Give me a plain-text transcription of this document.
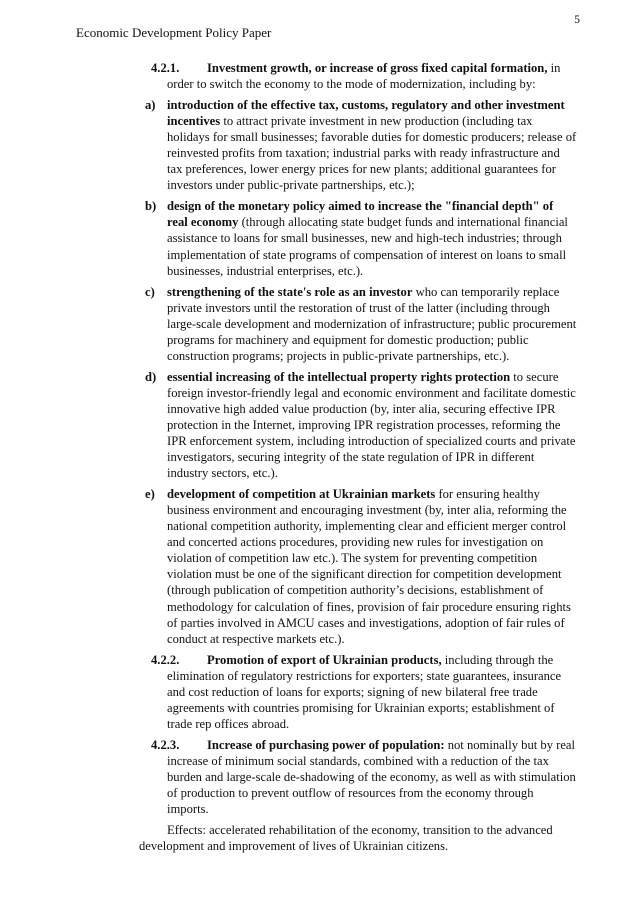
5
Economic Development Policy Paper
4.2.1. Investment growth, or increase of gross fixed capital formation, in order to switch the economy to the mode of modernization, including by:
a) introduction of the effective tax, customs, regulatory and other investment incentives to attract private investment in new production (including tax holidays for small businesses; favorable duties for domestic producers; release of reinvested profits from taxation; industrial parks with ready infrastructure and tax preferences, lower energy prices for new plants; additional guarantees for investors under public-private partnerships, etc.);
b) design of the monetary policy aimed to increase the "financial depth" of real economy (through allocating state budget funds and international financial assistance to loans for small businesses, new and high-tech industries; through implementation of state programs of compensation of interest on loans to small businesses, industrial enterprises, etc.).
c) strengthening of the state's role as an investor who can temporarily replace private investors until the restoration of trust of the latter (including through large-scale development and modernization of infrastructure; public procurement programs for machinery and equipment for domestic production; public construction programs; projects in public-private partnerships, etc.).
d) essential increasing of the intellectual property rights protection to secure foreign investor-friendly legal and economic environment and facilitate domestic innovative high added value production (by, inter alia, securing effective IPR protection in the Internet, improving IPR registration processes, reforming the IPR enforcement system, including introduction of specialized courts and private investigators, securing integrity of the state regulation of IPR in different industry sectors, etc.).
e) development of competition at Ukrainian markets for ensuring healthy business environment and encouraging investment (by, inter alia, reforming the national competition authority, implementing clear and efficient merger control and concerted actions procedures, providing new rules for investigation on violation of competition law etc.). The system for preventing competition violation must be one of the significant direction for competition development (through publication of competition authority’s decisions, establishment of methodology for calculation of fines, provision of fair procedure ensuring rights of parties involved in AMCU cases and investigations, adoption of fair rules of conduct at respective markets etc.).
4.2.2. Promotion of export of Ukrainian products, including through the elimination of regulatory restrictions for exporters; state guarantees, insurance and cost reduction of loans for exports; signing of new bilateral free trade agreements with countries promising for Ukrainian exports; establishment of trade rep offices abroad.
4.2.3. Increase of purchasing power of population: not nominally but by real increase of minimum social standards, combined with a reduction of the tax burden and large-scale de-shadowing of the economy, as well as with stimulation of production to prevent outflow of resources from the economy through imports.
Effects: accelerated rehabilitation of the economy, transition to the advanced
development and improvement of lives of Ukrainian citizens.
